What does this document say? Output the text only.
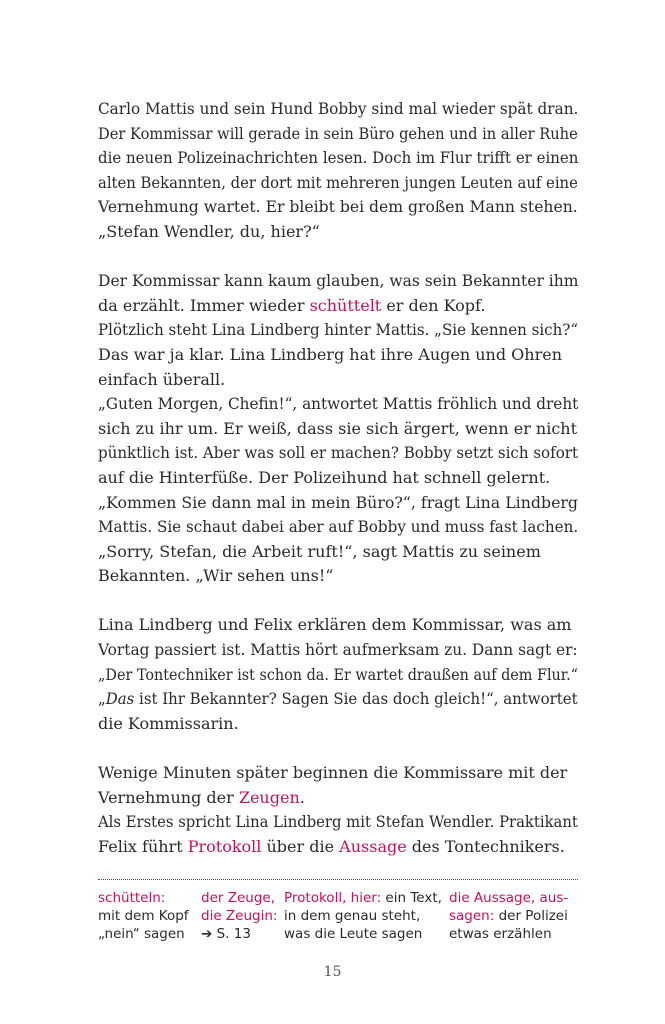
Carlo Mattis und sein Hund Bobby sind mal wieder spät dran.
Der Kommissar will gerade in sein Büro gehen und in aller Ruhe
die neuen Polizeinachrichten lesen. Doch im Flur trifft er einen
alten Bekannten, der dort mit mehreren jungen Leuten auf eine
Vernehmung wartet. Er bleibt bei dem großen Mann stehen.
„Stefan Wendler, du, hier?“
Der Kommissar kann kaum glauben, was sein Bekannter ihm
da erzählt. Immer wieder schüttelt er den Kopf.
Plötzlich steht Lina Lindberg hinter Mattis. „Sie kennen sich?“
Das war ja klar. Lina Lindberg hat ihre Augen und Ohren
einfach überall.
„Guten Morgen, Chefin!“, antwortet Mattis fröhlich und dreht
sich zu ihr um. Er weiß, dass sie sich ärgert, wenn er nicht
pünktlich ist. Aber was soll er machen? Bobby setzt sich sofort
auf die Hinterfüße. Der Polizeihund hat schnell gelernt.
„Kommen Sie dann mal in mein Büro?“, fragt Lina Lindberg
Mattis. Sie schaut dabei aber auf Bobby und muss fast lachen.
„Sorry, Stefan, die Arbeit ruft!“, sagt Mattis zu seinem
Bekannten. „Wir sehen uns!“
Lina Lindberg und Felix erklären dem Kommissar, was am
Vortag passiert ist. Mattis hört aufmerksam zu. Dann sagt er:
„Der Tontechniker ist schon da. Er wartet draußen auf dem Flur.“
„Das ist Ihr Bekannter? Sagen Sie das doch gleich!“, antwortet
die Kommissarin.
Wenige Minuten später beginnen die Kommissare mit der
Vernehmung der Zeugen.
Als Erstes spricht Lina Lindberg mit Stefan Wendler. Praktikant
Felix führt Protokoll über die Aussage des Tontechnikers.
schütteln:
mit dem Kopf
„nein“ sagen
der Zeuge,
die Zeugin:
➔ S. 13
Protokoll, hier: ein Text,
in dem genau steht,
was die Leute sagen
die Aussage, aus-
sagen: der Polizei
etwas erzählen
15
